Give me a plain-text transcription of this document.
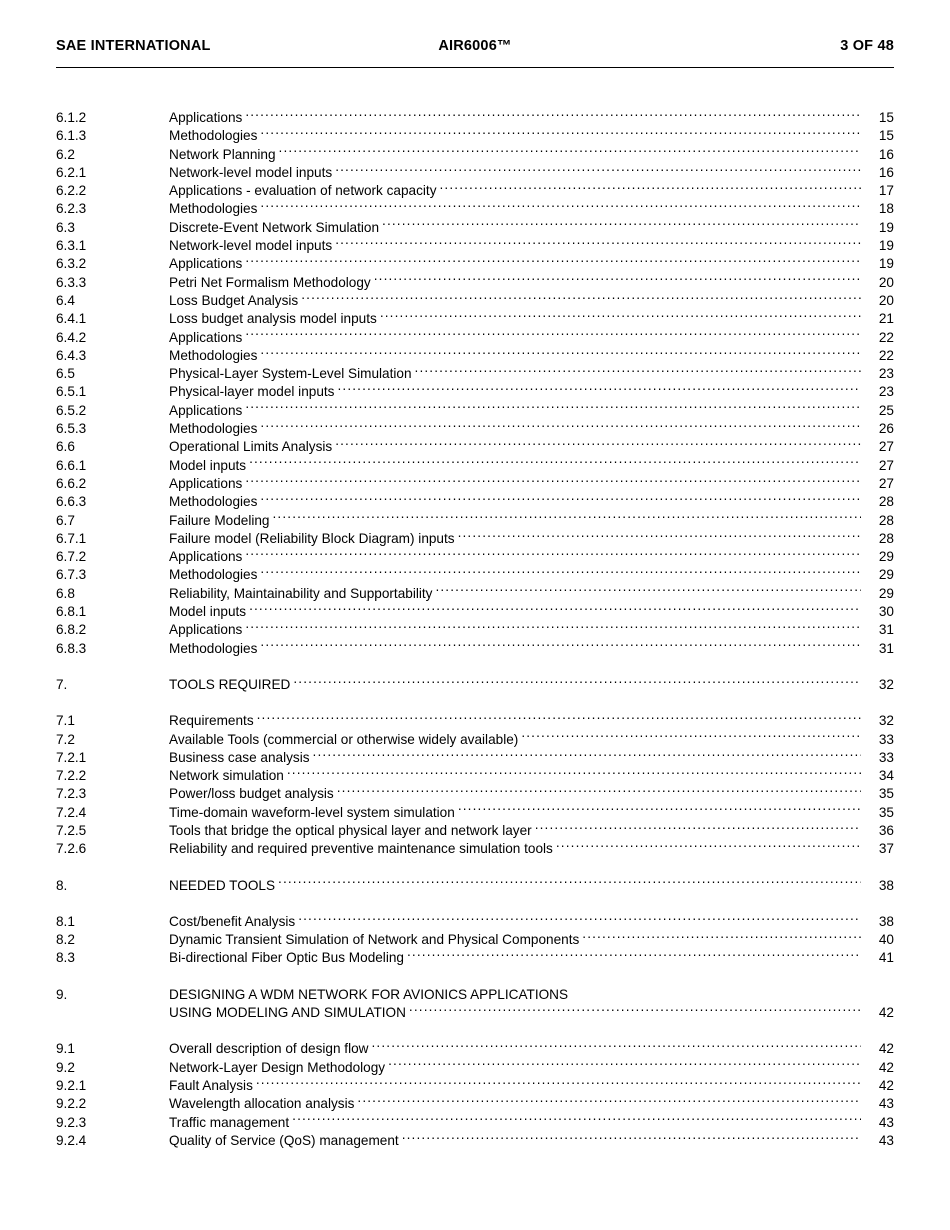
SAE INTERNATIONAL	AIR6006™	3 OF 48
6.1.2	Applications .....	15
6.1.3	Methodologies .....	15
6.2	Network Planning .....	16
6.2.1	Network-level model inputs .....	16
6.2.2	Applications - evaluation of network capacity .....	17
6.2.3	Methodologies .....	18
6.3	Discrete-Event Network Simulation .....	19
6.3.1	Network-level model inputs .....	19
6.3.2	Applications .....	19
6.3.3	Petri Net Formalism Methodology .....	20
6.4	Loss Budget Analysis .....	20
6.4.1	Loss budget analysis model inputs .....	21
6.4.2	Applications .....	22
6.4.3	Methodologies .....	22
6.5	Physical-Layer System-Level Simulation .....	23
6.5.1	Physical-layer model inputs .....	23
6.5.2	Applications .....	25
6.5.3	Methodologies .....	26
6.6	Operational Limits Analysis .....	27
6.6.1	Model inputs .....	27
6.6.2	Applications .....	27
6.6.3	Methodologies .....	28
6.7	Failure Modeling .....	28
6.7.1	Failure model (Reliability Block Diagram) inputs .....	28
6.7.2	Applications .....	29
6.7.3	Methodologies .....	29
6.8	Reliability, Maintainability and Supportability .....	29
6.8.1	Model inputs .....	30
6.8.2	Applications .....	31
6.8.3	Methodologies .....	31
7.	TOOLS REQUIRED .....	32
7.1	Requirements .....	32
7.2	Available Tools (commercial or otherwise widely available) .....	33
7.2.1	Business case analysis .....	33
7.2.2	Network simulation .....	34
7.2.3	Power/loss budget analysis .....	35
7.2.4	Time-domain waveform-level system simulation .....	35
7.2.5	Tools that bridge the optical physical layer and network layer .....	36
7.2.6	Reliability and required preventive maintenance simulation tools .....	37
8.	NEEDED TOOLS .....	38
8.1	Cost/benefit Analysis .....	38
8.2	Dynamic Transient Simulation of Network and Physical Components .....	40
8.3	Bi-directional Fiber Optic Bus Modeling .....	41
9.	DESIGNING A WDM NETWORK FOR AVIONICS APPLICATIONS
USING MODELING AND SIMULATION .....	42
9.1	Overall description of design flow .....	42
9.2	Network-Layer Design Methodology .....	42
9.2.1	Fault Analysis .....	42
9.2.2	Wavelength allocation analysis .....	43
9.2.3	Traffic management .....	43
9.2.4	Quality of Service (QoS) management .....	43
